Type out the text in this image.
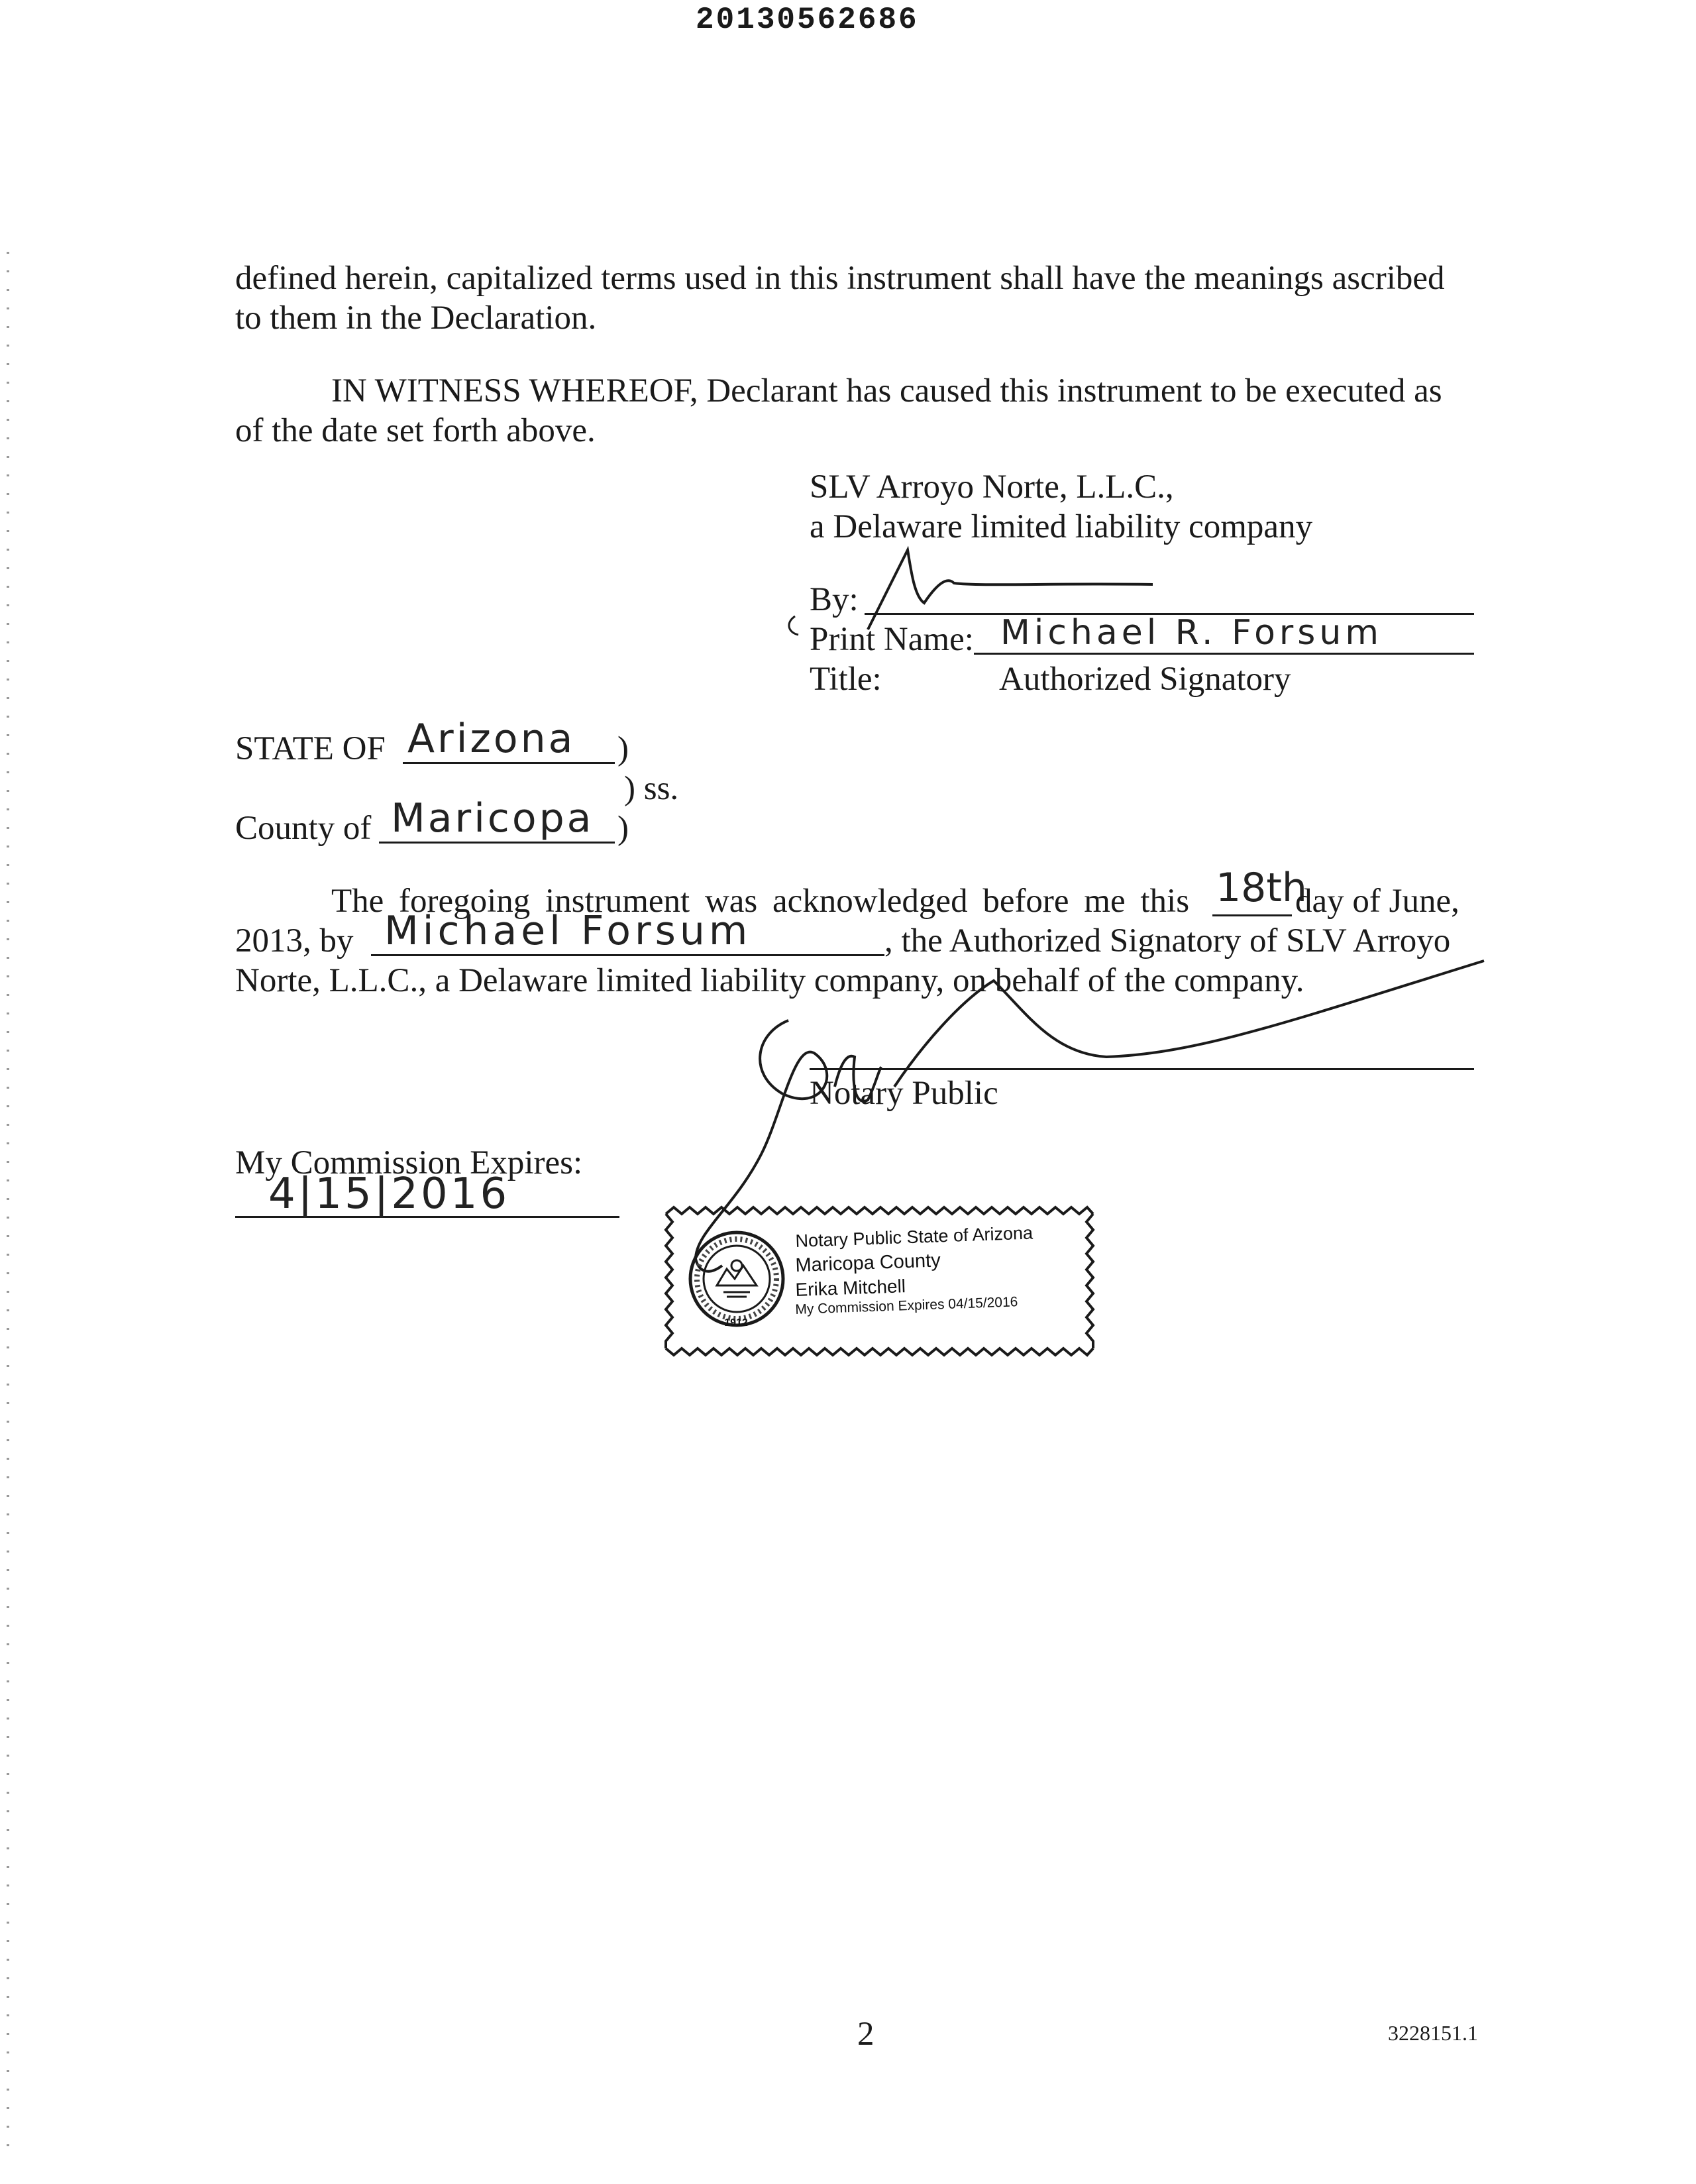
20130562686
defined herein, capitalized terms used in this instrument shall have the meanings ascribed
to them in the Declaration.
IN WITNESS WHEREOF, Declarant has caused this instrument to be executed as
of the date set forth above.
SLV Arroyo Norte, L.L.C.,
a Delaware limited liability company
By:
Print Name: Michael R. Forsum
Title:	Authorized Signatory
STATE OF Arizona )
) ss.
County of Maricopa )
The foregoing instrument was acknowledged before me this 18th
day of June,
2013, by Michael Forsum	, the Authorized Signatory of SLV Arroyo
Norte, L.L.C., a Delaware limited liability company, on behalf of the company.
Notary Public
My Commission Expires:
4|15|2016
1912
Notary Public State of Arizona
Maricopa County
Erika Mitchell
My Commission Expires 04/15/2016
2	3228151.1
